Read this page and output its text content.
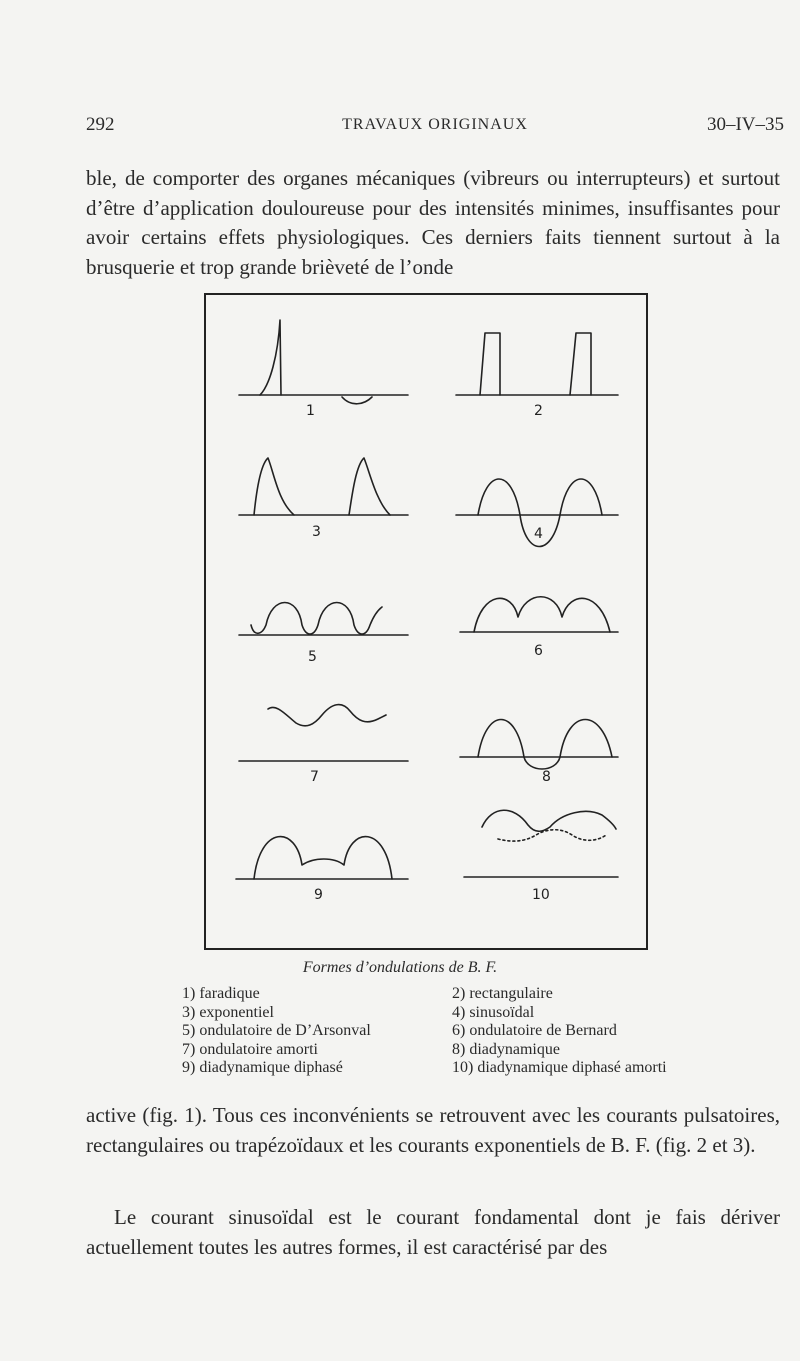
292	TRAVAUX ORIGINAUX	30–IV–35

ble, de comporter des organes mécaniques (vibreurs ou interrupteurs) et surtout d’être d’application douloureuse pour des intensités minimes, insuffisantes pour avoir certains effets physiologiques. Ces derniers faits tiennent surtout à la brusquerie et trop grande brièveté de l’onde

1	2
3	4
5	6
7	8
9	10
Formes d’ondulations de B. F.
1) faradique	2) rectangulaire
3) exponentiel	4) sinusoïdal
5) ondulatoire de D’Arsonval	6) ondulatoire de Bernard
7) ondulatoire amorti	8) diadynamique
9) diadynamique diphasé	10) diadynamique diphasé amorti

active (fig. 1). Tous ces inconvénients se retrouvent avec les courants pulsatoires, rectangulaires ou trapézoïdaux et les courants exponentiels de B. F. (fig. 2 et 3).

Le courant sinusoïdal est le courant fondamental dont je fais dériver actuellement toutes les autres formes, il est caractérisé par des
